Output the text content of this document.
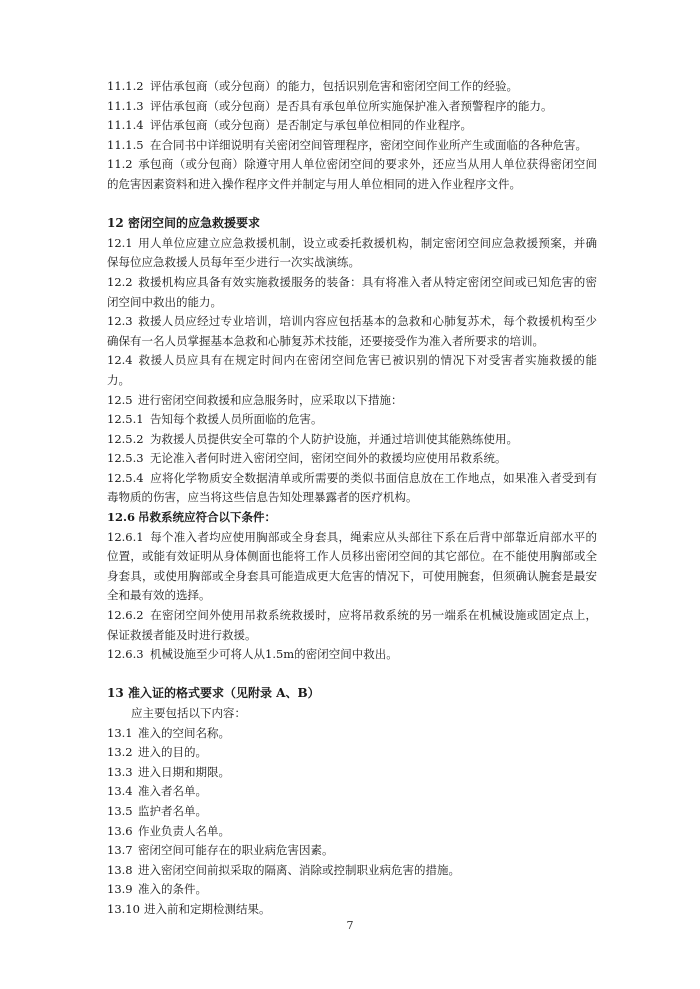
11.1.2 评估承包商（或分包商）的能力，包括识别危害和密闭空间工作的经验。

11.1.3 评估承包商（或分包商）是否具有承包单位所实施保护准入者预警程序的能力。

11.1.4 评估承包商（或分包商）是否制定与承包单位相同的作业程序。

11.1.5 在合同书中详细说明有关密闭空间管理程序，密闭空间作业所产生或面临的各种危害。

11.2 承包商（或分包商）除遵守用人单位密闭空间的要求外，还应当从用人单位获得密闭空间的危害因素资料和进入操作程序文件并制定与用人单位相同的进入作业程序文件。

12 密闭空间的应急救援要求

12.1 用人单位应建立应急救援机制，设立或委托救援机构，制定密闭空间应急救援预案，并确保每位应急救援人员每年至少进行一次实战演练。

12.2 救援机构应具备有效实施救援服务的装备：具有将准入者从特定密闭空间或已知危害的密闭空间中救出的能力。

12.3 救援人员应经过专业培训，培训内容应包括基本的急救和心肺复苏术，每个救援机构至少确保有一名人员掌握基本急救和心肺复苏术技能，还要接受作为准入者所要求的培训。

12.4 救援人员应具有在规定时间内在密闭空间危害已被识别的情况下对受害者实施救援的能力。

12.5 进行密闭空间救援和应急服务时，应采取以下措施：

12.5.1 告知每个救援人员所面临的危害。

12.5.2 为救援人员提供安全可靠的个人防护设施，并通过培训使其能熟练使用。

12.5.3 无论准入者何时进入密闭空间，密闭空间外的救援均应使用吊救系统。

12.5.4 应将化学物质安全数据清单或所需要的类似书面信息放在工作地点，如果准入者受到有毒物质的伤害，应当将这些信息告知处理暴露者的医疗机构。

12.6 吊救系统应符合以下条件：

12.6.1 每个准入者均应使用胸部或全身套具，绳索应从头部往下系在后背中部靠近肩部水平的位置，或能有效证明从身体侧面也能将工作人员移出密闭空间的其它部位。在不能使用胸部或全身套具，或使用胸部或全身套具可能造成更大危害的情况下，可使用腕套，但须确认腕套是最安全和最有效的选择。

12.6.2 在密闭空间外使用吊救系统救援时，应将吊救系统的另一端系在机械设施或固定点上，保证救援者能及时进行救援。

12.6.3 机械设施至少可将人从1.5m的密闭空间中救出。

13 准入证的格式要求（见附录 A、B）

应主要包括以下内容：

13.1 准入的空间名称。

13.2 进入的目的。

13.3 进入日期和期限。

13.4 准入者名单。

13.5 监护者名单。

13.6 作业负责人名单。

13.7 密闭空间可能存在的职业病危害因素。

13.8 进入密闭空间前拟采取的隔离、消除或控制职业病危害的措施。

13.9 准入的条件。

13.10 进入前和定期检测结果。

7
